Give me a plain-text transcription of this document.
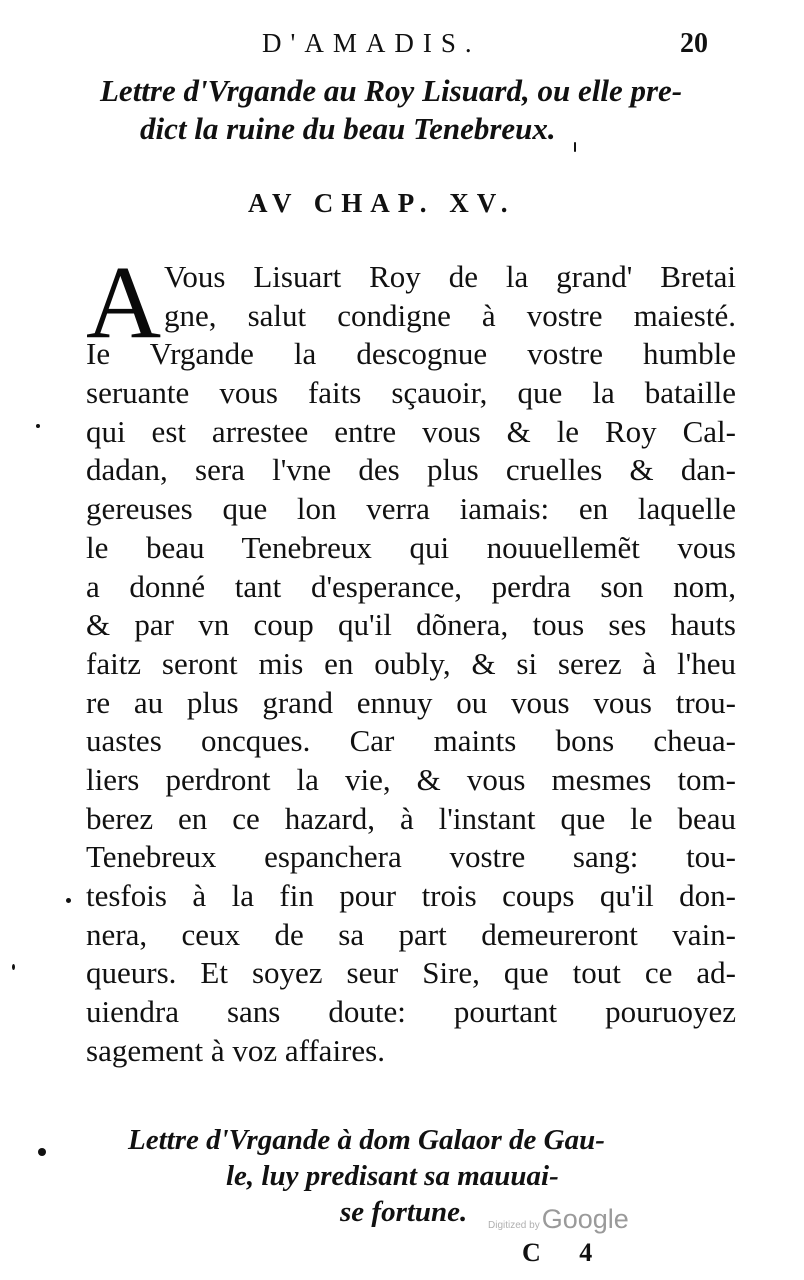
D'AMADIS.	20
Lettre d'Vrgande au Roy Lisuard, ou elle pre-
dict la ruine du beau Tenebreux.
AV CHAP. XV.
A Vous Lisuart Roy de la grand' Bretai
gne, salut condigne à vostre maiesté.
Ie Vrgande la descognue vostre humble
seruante vous faits sçauoir, que la bataille
qui est arrestee entre vous & le Roy Cal-
dadan, sera l'vne des plus cruelles & dan-
gereuses que lon verra iamais: en laquelle
le beau Tenebreux qui nouuellemẽt vous
a donné tant d'esperance, perdra son nom,
& par vn coup qu'il dõnera, tous ses hauts
faitz seront mis en oubly, & si serez à l'heu
re au plus grand ennuy ou vous vous trou-
uastes oncques. Car maints bons cheua-
liers perdront la vie, & vous mesmes tom-
berez en ce hazard, à l'instant que le beau
Tenebreux espanchera vostre sang: tou-
tesfois à la fin pour trois coups qu'il don-
nera, ceux de sa part demeureront vain-
queurs. Et soyez seur Sire, que tout ce ad-
uiendra sans doute: pourtant pouruoyez
sagement à voz affaires.
Lettre d'Vrgande à dom Galaor de Gau-
le, luy predisant sa mauuai-
se fortune.	Digitized byGoogle
C 4
